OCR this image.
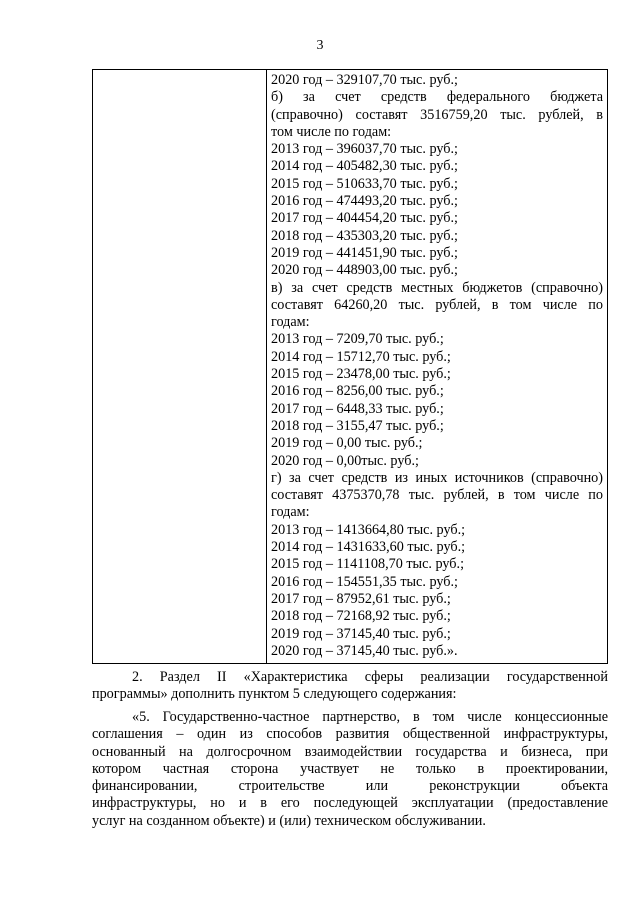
3
2020 год – 329107,70 тыс. руб.;
б) за счет средств федерального бюджета
(справочно) составят 3516759,20 тыс. рублей, в
том числе по годам:
2013 год – 396037,70 тыс. руб.;
2014 год – 405482,30 тыс. руб.;
2015 год – 510633,70 тыс. руб.;
2016 год – 474493,20 тыс. руб.;
2017 год – 404454,20 тыс. руб.;
2018 год – 435303,20 тыс. руб.;
2019 год – 441451,90 тыс. руб.;
2020 год – 448903,00 тыс. руб.;
в) за счет средств местных бюджетов (справочно)
составят 64260,20 тыс. рублей, в том числе по
годам:
2013 год – 7209,70 тыс. руб.;
2014 год – 15712,70 тыс. руб.;
2015 год – 23478,00 тыс. руб.;
2016 год – 8256,00 тыс. руб.;
2017 год – 6448,33 тыс. руб.;
2018 год – 3155,47 тыс. руб.;
2019 год – 0,00 тыс. руб.;
2020 год – 0,00тыс. руб.;
г) за счет средств из иных источников (справочно)
составят 4375370,78 тыс. рублей, в том числе по
годам:
2013 год – 1413664,80 тыс. руб.;
2014 год – 1431633,60 тыс. руб.;
2015 год – 1141108,70 тыс. руб.;
2016 год – 154551,35 тыс. руб.;
2017 год – 87952,61 тыс. руб.;
2018 год – 72168,92 тыс. руб.;
2019 год – 37145,40 тыс. руб.;
2020 год – 37145,40 тыс. руб.».
2. Раздел II «Характеристика сферы реализации государственной
программы» дополнить пунктом 5 следующего содержания:
«5. Государственно-частное партнерство, в том числе концессионные
соглашения – один из способов развития общественной инфраструктуры,
основанный на долгосрочном взаимодействии государства и бизнеса, при
котором частная сторона участвует не только в проектировании,
финансировании, строительстве или реконструкции объекта
инфраструктуры, но и в его последующей эксплуатации (предоставление
услуг на созданном объекте) и (или) техническом обслуживании.
